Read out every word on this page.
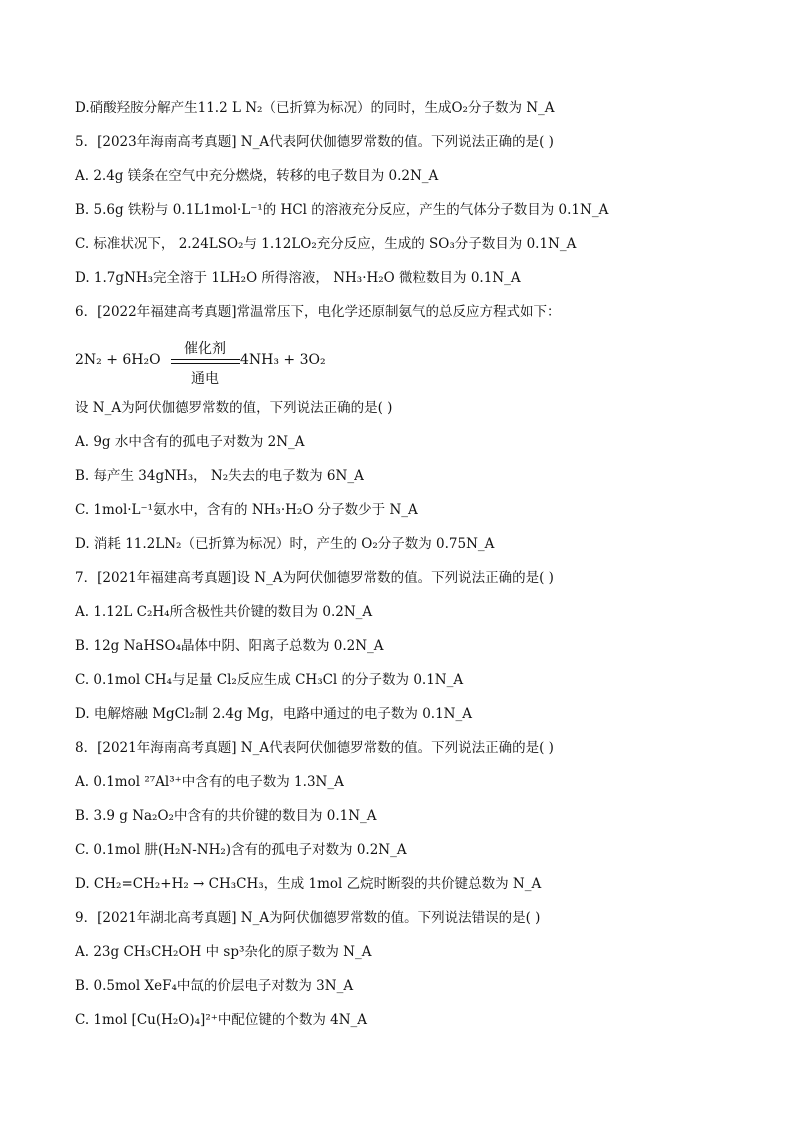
D.硝酸羟胺分解产生11.2 L N₂（已折算为标况）的同时，生成O₂分子数为 N_A
5．[2023年海南高考真题] N_A代表阿伏伽德罗常数的值。下列说法正确的是( )
A. 2.4g 镁条在空气中充分燃烧，转移的电子数目为 0.2N_A
B. 5.6g 铁粉与 0.1L1mol·L⁻¹的 HCl 的溶液充分反应，产生的气体分子数目为 0.1N_A
C. 标准状况下， 2.24LSO₂与 1.12LO₂充分反应，生成的 SO₃分子数目为 0.1N_A
D. 1.7gNH₃完全溶于 1LH₂O 所得溶液， NH₃·H₂O 微粒数目为 0.1N_A
6．[2022年福建高考真题]常温常压下，电化学还原制氨气的总反应方程式如下：
2N₂ + 6H₂O
催化剂
通电
4NH₃ + 3O₂
设 N_A为阿伏伽德罗常数的值，下列说法正确的是( )
A. 9g 水中含有的孤电子对数为 2N_A
B. 每产生 34gNH₃， N₂失去的电子数为 6N_A
C. 1mol·L⁻¹氨水中，含有的 NH₃·H₂O 分子数少于 N_A
D. 消耗 11.2LN₂（已折算为标况）时，产生的 O₂分子数为 0.75N_A
7．[2021年福建高考真题]设 N_A为阿伏伽德罗常数的值。下列说法正确的是( )
A. 1.12L C₂H₄所含极性共价键的数目为 0.2N_A
B. 12g NaHSO₄晶体中阴、阳离子总数为 0.2N_A
C. 0.1mol CH₄与足量 Cl₂反应生成 CH₃Cl 的分子数为 0.1N_A
D. 电解熔融 MgCl₂制 2.4g Mg，电路中通过的电子数为 0.1N_A
8．[2021年海南高考真题] N_A代表阿伏伽德罗常数的值。下列说法正确的是( )
A. 0.1mol ²⁷Al³⁺中含有的电子数为 1.3N_A
B. 3.9 g Na₂O₂中含有的共价键的数目为 0.1N_A
C. 0.1mol 肼(H₂N-NH₂)含有的孤电子对数为 0.2N_A
D. CH₂=CH₂+H₂ → CH₃CH₃，生成 1mol 乙烷时断裂的共价键总数为 N_A
9．[2021年湖北高考真题] N_A为阿伏伽德罗常数的值。下列说法错误的是( )
A. 23g CH₃CH₂OH 中 sp³杂化的原子数为 N_A
B. 0.5mol XeF₄中氙的价层电子对数为 3N_A
C. 1mol [Cu(H₂O)₄]²⁺中配位键的个数为 4N_A
